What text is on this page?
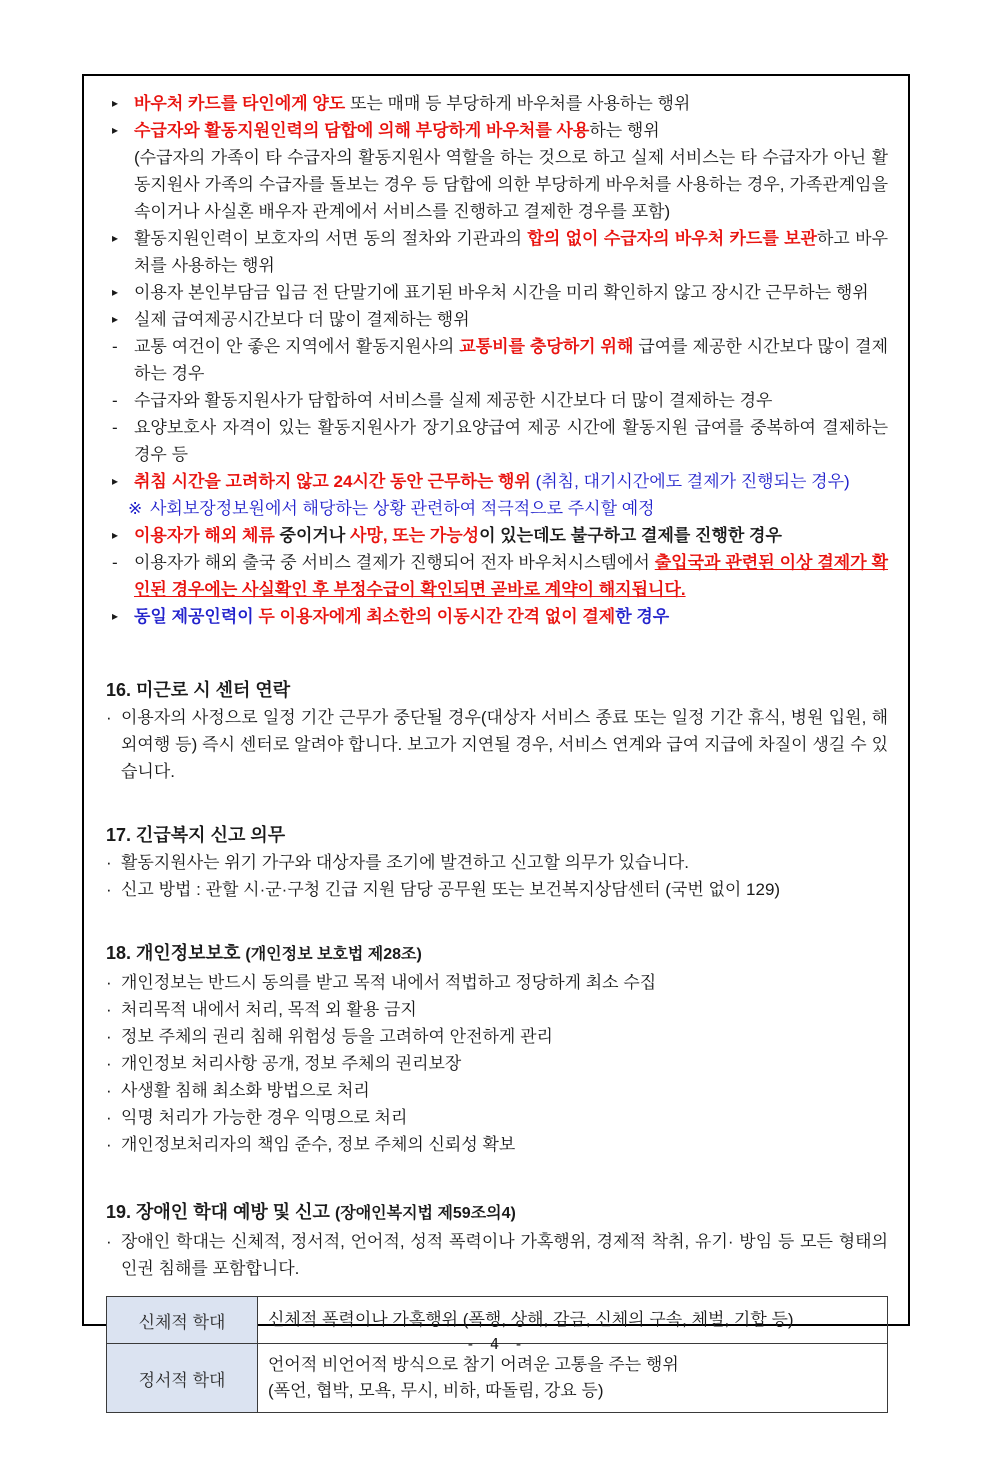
▸ 바우처 카드를 타인에게 양도 또는 매매 등 부당하게 바우처를 사용하는 행위
▸ 수급자와 활동지원인력의 담합에 의해 부당하게 바우처를 사용하는 행위
(수급자의 가족이 타 수급자의 활동지원사 역할을 하는 것으로 하고 실제 서비스는 타 수급자가 아닌 활동지원사 가족의 수급자를 돌보는 경우 등 담합에 의한 부당하게 바우처를 사용하는 경우, 가족관계임을 속이거나 사실혼 배우자 관계에서 서비스를 진행하고 결제한 경우를 포함)
▸ 활동지원인력이 보호자의 서면 동의 절차와 기관과의 합의 없이 수급자의 바우처 카드를 보관하고 바우처를 사용하는 행위
▸ 이용자 본인부담금 입금 전 단말기에 표기된 바우처 시간을 미리 확인하지 않고 장시간 근무하는 행위
▸ 실제 급여제공시간보다 더 많이 결제하는 행위
- 교통 여건이 안 좋은 지역에서 활동지원사의 교통비를 충당하기 위해 급여를 제공한 시간보다 많이 결제하는 경우
- 수급자와 활동지원사가 담합하여 서비스를 실제 제공한 시간보다 더 많이 결제하는 경우
- 요양보호사 자격이 있는 활동지원사가 장기요양급여 제공 시간에 활동지원 급여를 중복하여 결제하는 경우 등
▸ 취침 시간을 고려하지 않고 24시간 동안 근무하는 행위 (취침, 대기시간에도 결제가 진행되는 경우)
※ 사회보장정보원에서 해당하는 상황 관련하여 적극적으로 주시할 예정
▸ 이용자가 해외 체류 중이거나 사망, 또는 가능성이 있는데도 불구하고 결제를 진행한 경우
- 이용자가 해외 출국 중 서비스 결제가 진행되어 전자 바우처시스템에서 출입국과 관련된 이상 결제가 확인된 경우에는 사실확인 후 부정수급이 확인되면 곧바로 계약이 해지됩니다.
▸ 동일 제공인력이 두 이용자에게 최소한의 이동시간 간격 없이 결제한 경우
16. 미근로 시 센터 연락
· 이용자의 사정으로 일정 기간 근무가 중단될 경우(대상자 서비스 종료 또는 일정 기간 휴식, 병원 입원, 해외여행 등) 즉시 센터로 알려야 합니다. 보고가 지연될 경우, 서비스 연계와 급여 지급에 차질이 생길 수 있습니다.
17. 긴급복지 신고 의무
· 활동지원사는 위기 가구와 대상자를 조기에 발견하고 신고할 의무가 있습니다.
· 신고 방법 : 관할 시·군·구청 긴급 지원 담당 공무원 또는 보건복지상담센터 (국번 없이 129)
18. 개인정보보호 (개인정보 보호법 제28조)
· 개인정보는 반드시 동의를 받고 목적 내에서 적법하고 정당하게 최소 수집
· 처리목적 내에서 처리, 목적 외 활용 금지
· 정보 주체의 권리 침해 위험성 등을 고려하여 안전하게 관리
· 개인정보 처리사항 공개, 정보 주체의 권리보장
· 사생활 침해 최소화 방법으로 처리
· 익명 처리가 가능한 경우 익명으로 처리
· 개인정보처리자의 책임 준수, 정보 주체의 신뢰성 확보
19. 장애인 학대 예방 및 신고 (장애인복지법 제59조의4)
· 장애인 학대는 신체적, 정서적, 언어적, 성적 폭력이나 가혹행위, 경제적 착취, 유기· 방임 등 모든 형태의 인권 침해를 포함합니다.
신체적 학대	신체적 폭력이나 가혹행위 (폭행, 상해, 감금, 신체의 구속, 체벌, 기합 등)

정서적 학대	언어적 비언어적 방식으로 참기 어려운 고통을 주는 행위
(폭언, 협박, 모욕, 무시, 비하, 따돌림, 강요 등)
- 4 -
